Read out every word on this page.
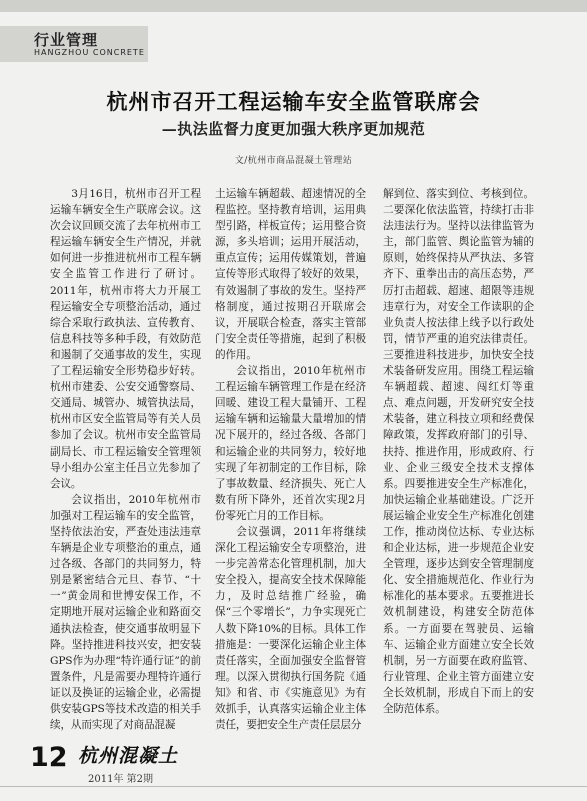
行业管理
HANGZHOU CONCRETE
杭州市召开工程运输车安全监管联席会
—执法监督力度更加强大秩序更加规范
文/杭州市商品混凝土管理站

3月16日，杭州市召开工程运输车辆安全生产联席会议。这次会议回顾交流了去年杭州市工程运输车辆安全生产情况，并就如何进一步推进杭州市工程车辆安全监管工作进行了研讨。2011年，杭州市将大力开展工程运输安全专项整治活动，通过综合采取行政执法、宣传教育、信息科技等多种手段，有效防范和遏制了交通事故的发生，实现了工程运输安全形势稳步好转。杭州市建委、公安交通警察局、交通局、城管办、城管执法局，杭州市区安全监管局等有关人员参加了会议。杭州市安全监管局副局长、市工程运输安全管理领导小组办公室主任吕立先参加了会议。

会议指出，2010年杭州市加强对工程运输车的安全监管，坚持依法治安，严查处违法违章车辆是企业专项整治的重点，通过各级、各部门的共同努力，特别是紧密结合元旦、春节、“十一”黄金周和世博安保工作，不定期地开展对运输企业和路面交通执法检查，使交通事故明显下降。坚持推进科技兴安，把安装GPS作为办理“特许通行证”的前置条件，凡是需要办理特许通行证以及换证的运输企业，必需提供安装GPS等技术改造的相关手续，从而实现了对商品混凝

土运输车辆超载、超速情况的全程监控。坚持教育培训，运用典型引路，样板宣传；运用整合资源，多头培训；运用开展活动，重点宣传；运用传媒策划，普遍宣传等形式取得了较好的效果，有效遏制了事故的发生。坚持严格制度，通过按期召开联席会议，开展联合检查，落实主管部门安全责任等措施，起到了积极的作用。

会议指出，2010年杭州市工程运输车辆管理工作是在经济回暖、建设工程大量铺开、工程运输车辆和运输量大量增加的情况下展开的，经过各级、各部门和运输企业的共同努力，较好地实现了年初制定的工作目标，除了事故数量、经济损失、死亡人数有所下降外，还首次实现2月份零死亡月的工作目标。

会议强调，2011年将继续深化工程运输安全专项整治，进一步完善常态化管理机制，加大安全投入，提高安全技术保障能力，及时总结推广经验，确保“三个零增长”，力争实现死亡人数下降10%的目标。具体工作措施是：一要深化运输企业主体责任落实，全面加强安全监督管理。以深入贯彻执行国务院《通知》和省、市《实施意见》为有效抓手，认真落实运输企业主体责任，要把安全生产责任层层分

解到位、落实到位、考核到位。二要深化依法监管，持续打击非法违法行为。坚持以法律监管为主，部门监管、舆论监管为辅的原则，始终保持从严执法、多管齐下、重拳出击的高压态势，严厉打击超载、超速、超限等违规违章行为，对安全工作读职的企业负责人按法律上线予以行政处罚，情节严重的追究法律责任。三要推进科技进步，加快安全技术装备研发应用。围绕工程运输车辆超载、超速、闯红灯等重点、难点问题，开发研究安全技术装备，建立科技立项和经费保障政策，发挥政府部门的引导、扶持、推进作用，形成政府、行业、企业三级安全技术支撑体系。四要推进安全生产标准化，加快运输企业基础建设。广泛开展运输企业安全生产标准化创建工作，推动岗位达标、专业达标和企业达标，进一步规范企业安全管理，逐步达到安全管理制度化、安全措施规范化、作业行为标准化的基本要求。五要推进长效机制建设，构建安全防范体系。一方面要在驾驶员、运输车、运输企业方面建立安全长效机制，另一方面要在政府监管、行业管理、企业主管方面建立安全长效机制，形成自下而上的安全防范体系。

12 杭州混凝土
2011年 第2期
